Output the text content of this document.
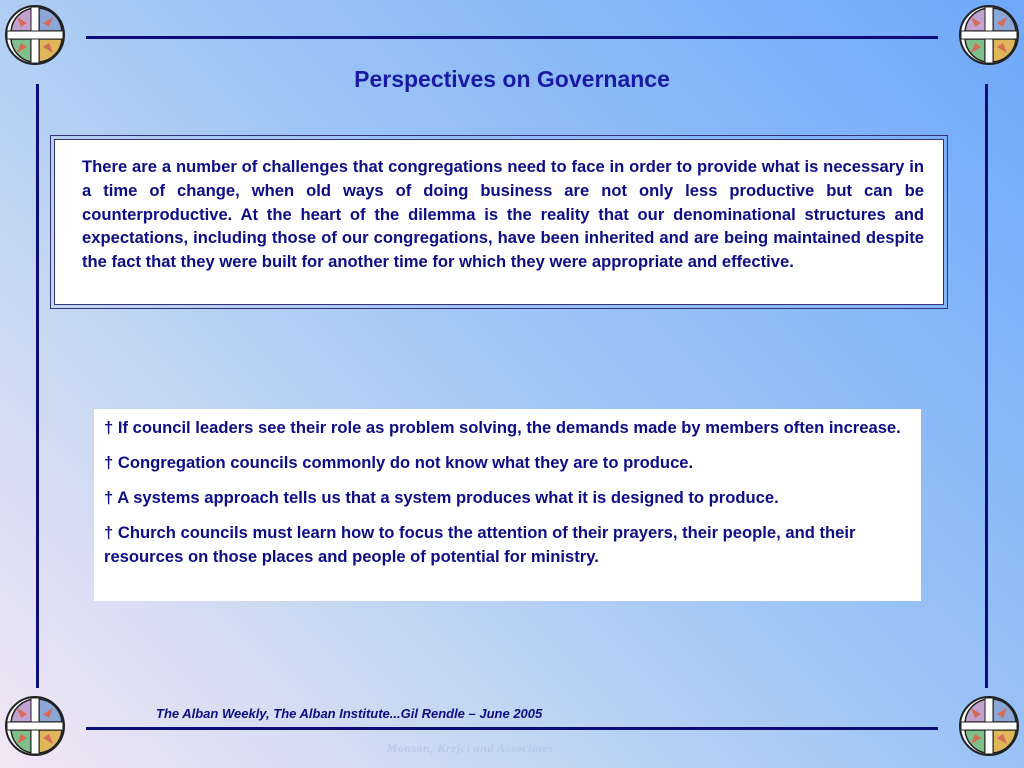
Perspectives on Governance

There are a number of challenges that congregations need to face in order to provide what is necessary in a time of change, when old ways of doing business are not only less productive but can be counterproductive. At the heart of the dilemma is the reality that our denominational structures and expectations, including those of our congregations, have been inherited and are being maintained despite the fact that they were built for another time for which they were appropriate and effective.

† If council leaders see their role as problem solving, the demands made by members often increase.

† Congregation councils commonly do not know what they are to produce.

† A systems approach tells us that a system produces what it is designed to produce.

† Church councils must learn how to focus the attention of their prayers, their people, and their resources on those places and people of potential for ministry.

The Alban Weekly, The Alban Institute...Gil Rendle – June 2005
Monson, Krejci and Associates
